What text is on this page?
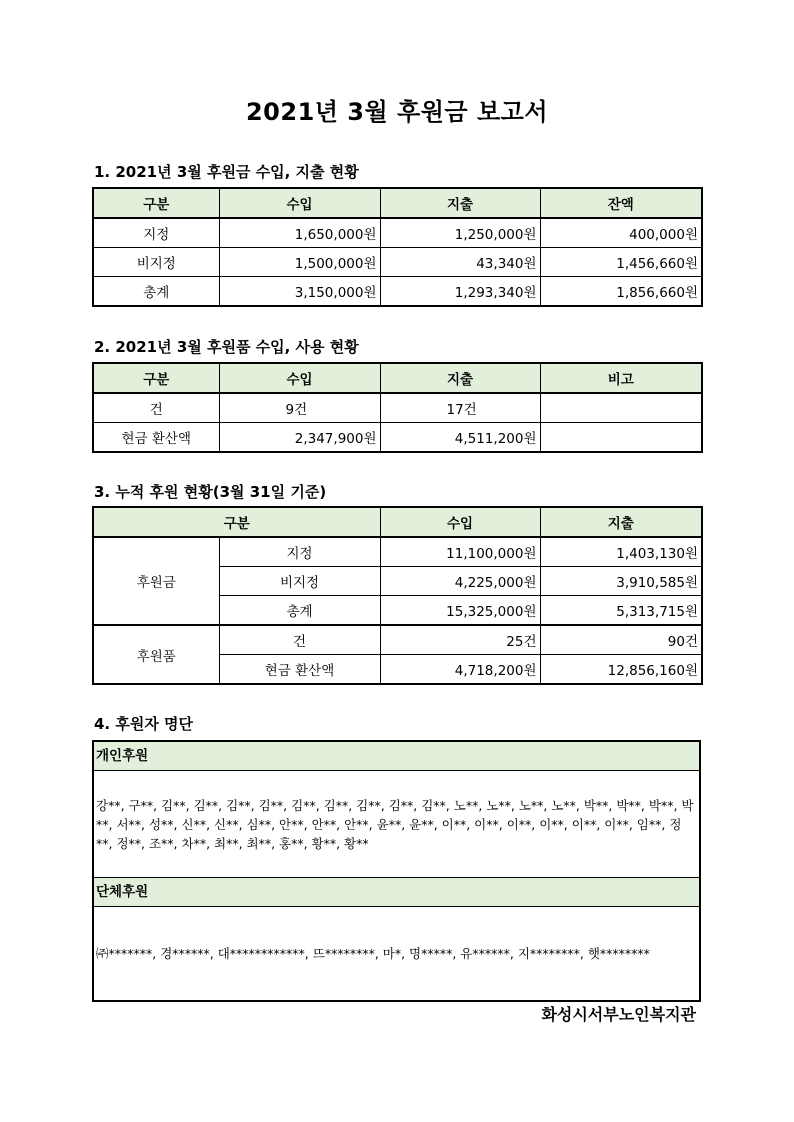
2021년 3월 후원금 보고서
1. 2021년 3월 후원금 수입, 지출 현황
구분	수입	지출	잔액
지정	1,650,000원	1,250,000원	400,000원
비지정	1,500,000원	43,340원	1,456,660원
총계	3,150,000원	1,293,340원	1,856,660원
2. 2021년 3월 후원품 수입, 사용 현황
구분	수입	지출	비고
건	9건	17건	
현금 환산액	2,347,900원	4,511,200원	
3. 누적 후원 현황(3월 31일 기준)
구분		수입	지출
후원금	지정	11,100,000원	1,403,130원
	비지정	4,225,000원	3,910,585원
	총계	15,325,000원	5,313,715원
후원품	건	25건	90건
	현금 환산액	4,718,200원	12,856,160원
4. 후원자 명단
개인후원
강**, 구**, 김**, 김**, 김**, 김**, 김**, 김**, 김**, 김**, 김**, 노**, 노**, 노**, 노**, 박**, 박**, 박**, 박**, 서**, 성**, 신**, 신**, 심**, 안**, 안**, 안**, 윤**, 윤**, 이**, 이**, 이**, 이**, 이**, 이**, 임**, 정**, 정**, 조**, 차**, 최**, 최**, 홍**, 황**, 황**
단체후원
㈜*******, 경******, 대************, 뜨********, 마*, 명*****, 유******, 지********, 햇********
화성시서부노인복지관
